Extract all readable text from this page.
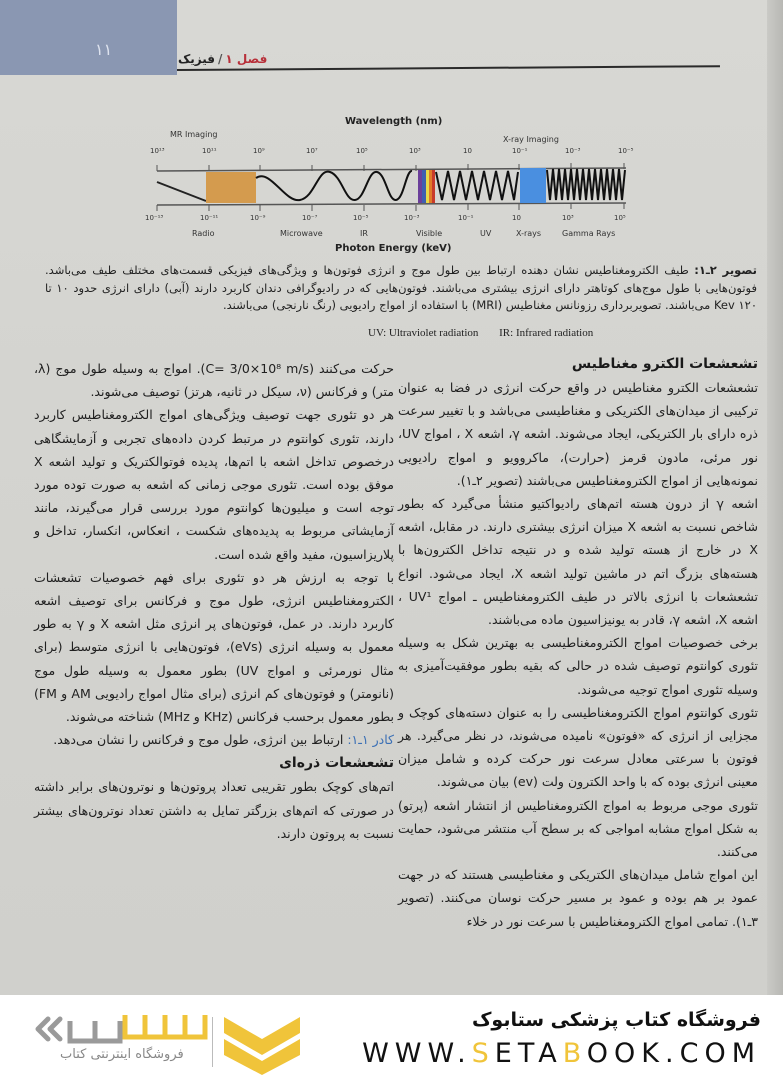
۱۱	فصل ۱
/
فیزیک
Wavelength (nm)
MR Imaging
X-ray Imaging
10¹³	10¹¹	10⁹	10⁷	10⁵	10³	10	10⁻¹	10⁻³	10⁻⁵
10⁻¹³	10⁻¹¹	10⁻⁹	10⁻⁷	10⁻⁵	10⁻³	10⁻¹	10	10³	10⁵
Radio	Microwave	IR	Visible	UV	X-rays	Gamma Rays
Photon Energy (keV)
تصویر ۲ـ۱: طیف الکترومغناطیس نشان دهنده ارتباط بین طول موج و انرژی فوتون‌ها و ویژگی‌های فیزیکی قسمت‌های مختلف طیف می‌باشد. فوتون‌هایی با طول موج‌های کوتاهتر دارای انرژی بیشتری می‌باشند. فوتون‌هایی که در رادیوگرافی دندان کاربرد دارند (آبی) دارای انرژی حدود ۱۰ تا ۱۲۰ Kev می‌باشند. تصویربرداری رزونانس مغناطیس (MRI) با استفاده از امواج رادیویی (رنگ نارنجی) می‌باشند.
UV: Ultraviolet radiation IR: Infrared radiation
تشعشعات الکترو مغناطیس

تشعشعات الکترو مغناطیس در واقع حرکت انرژی در فضا به عنوان ترکیبی از میدان‌های الکتریکی و مغناطیسی می‌باشد و با تغییر سرعت ذره دارای بار الکتریکی، ایجاد می‌شوند. اشعه γ، اشعه X ، امواج UV، نور مرئی، مادون قرمز (حرارت)، ماکروویو و امواج رادیویی نمونه‌هایی از امواج الکترومغناطیس می‌باشند (تصویر ۲ـ۱).

اشعه γ از درون هسته اتم‌های رادیواکتیو منشأ می‌گیرد که بطور شاخص نسبت به اشعه X میزان انرژی بیشتری دارند. در مقابل، اشعه X در خارج از هسته تولید شده و در نتیجه تداخل الکترون‌ها با هسته‌های بزرگ اتم در ماشین تولید اشعه X، ایجاد می‌شود. انواع تشعشعات با انرژی بالاتر در طیف الکترومغناطیس ـ امواج UV¹ ، اشعه X، اشعه γ، قادر به یونیزاسیون ماده می‌باشند.

برخی خصوصیات امواج الکترومغناطیسی به بهترین شکل به وسیله تئوری کوانتوم توصیف شده در حالی که بقیه بطور موفقیت‌آمیزی به وسیله تئوری امواج توجیه می‌شوند.

تئوری کوانتوم امواج الکترومغناطیسی را به عنوان دسته‌های کوچک و مجزایی از انرژی که «فوتون» نامیده می‌شوند، در نظر می‌گیرد. هر فوتون با سرعتی معادل سرعت نور حرکت کرده و شامل میزان معینی انرژی بوده که با واحد الکترون ولت (ev) بیان می‌شوند.

تئوری موجی مربوط به امواج الکترومغناطیس از انتشار اشعه (پرتو) به شکل امواج مشابه امواجی که بر سطح آب منتشر می‌شود، حمایت می‌کنند.

این امواج شامل میدان‌های الکتریکی و مغناطیسی هستند که در جهت عمود بر هم بوده و عمود بر مسیر حرکت نوسان می‌کنند. (تصویر ۳ـ۱). تمامی امواج الکترومغناطیس با سرعت نور در خلاء

حرکت می‌کنند (C= 3/0×10⁸ m/s). امواج به وسیله طول موج (λ، متر) و فرکانس (ν، سیکل در ثانیه، هرتز) توصیف می‌شوند.

هر دو تئوری جهت توصیف ویژگی‌های امواج الکترومغناطیس کاربرد دارند، تئوری کوانتوم در مرتبط کردن داده‌های تجربی و آزمایشگاهی درخصوص تداخل اشعه با اتم‌ها، پدیده فوتوالکتریک و تولید اشعه X موفق بوده است. تئوری موجی زمانی که اشعه به صورت توده مورد توجه است و میلیون‌ها کوانتوم مورد بررسی قرار می‌گیرند، مانند آزمایشاتی مربوط به پدیده‌های شکست ، انعکاس، انکسار، تداخل و پلاریزاسیون، مفید واقع شده است.

با توجه به ارزش هر دو تئوری برای فهم خصوصیات تشعشات الکترومغناطیس انرژی، طول موج و فرکانس برای توصیف اشعه کاربرد دارند. در عمل، فوتون‌های پر انرژی مثل اشعه X و γ به طور معمول به وسیله انرژی (eVs)، فوتون‌هایی با انرژی متوسط (برای مثال نورمرئی و امواج UV) بطور معمول به وسیله طول موج (نانومتر) و فوتون‌های کم انرژی (برای مثال امواج رادیویی AM و FM) بطور معمول برحسب فرکانس (KHz و MHz) شناخته می‌شوند.

کادر ۱ـ۱: ارتباط بین انرژی، طول موج و فرکانس را نشان می‌دهد.

تشعشعات ذره‌ای

اتم‌های کوچک بطور تقریبی تعداد پروتون‌ها و نوترون‌های برابر داشته در صورتی که اتم‌های بزرگتر تمایل به داشتن تعداد نوترون‌های بیشتر نسبت به پروتون دارند.

فروشگاه اینترنتی کتاب
فروشگاه کتاب پزشکی ستابوک
WWW.SETABOOK.COM
